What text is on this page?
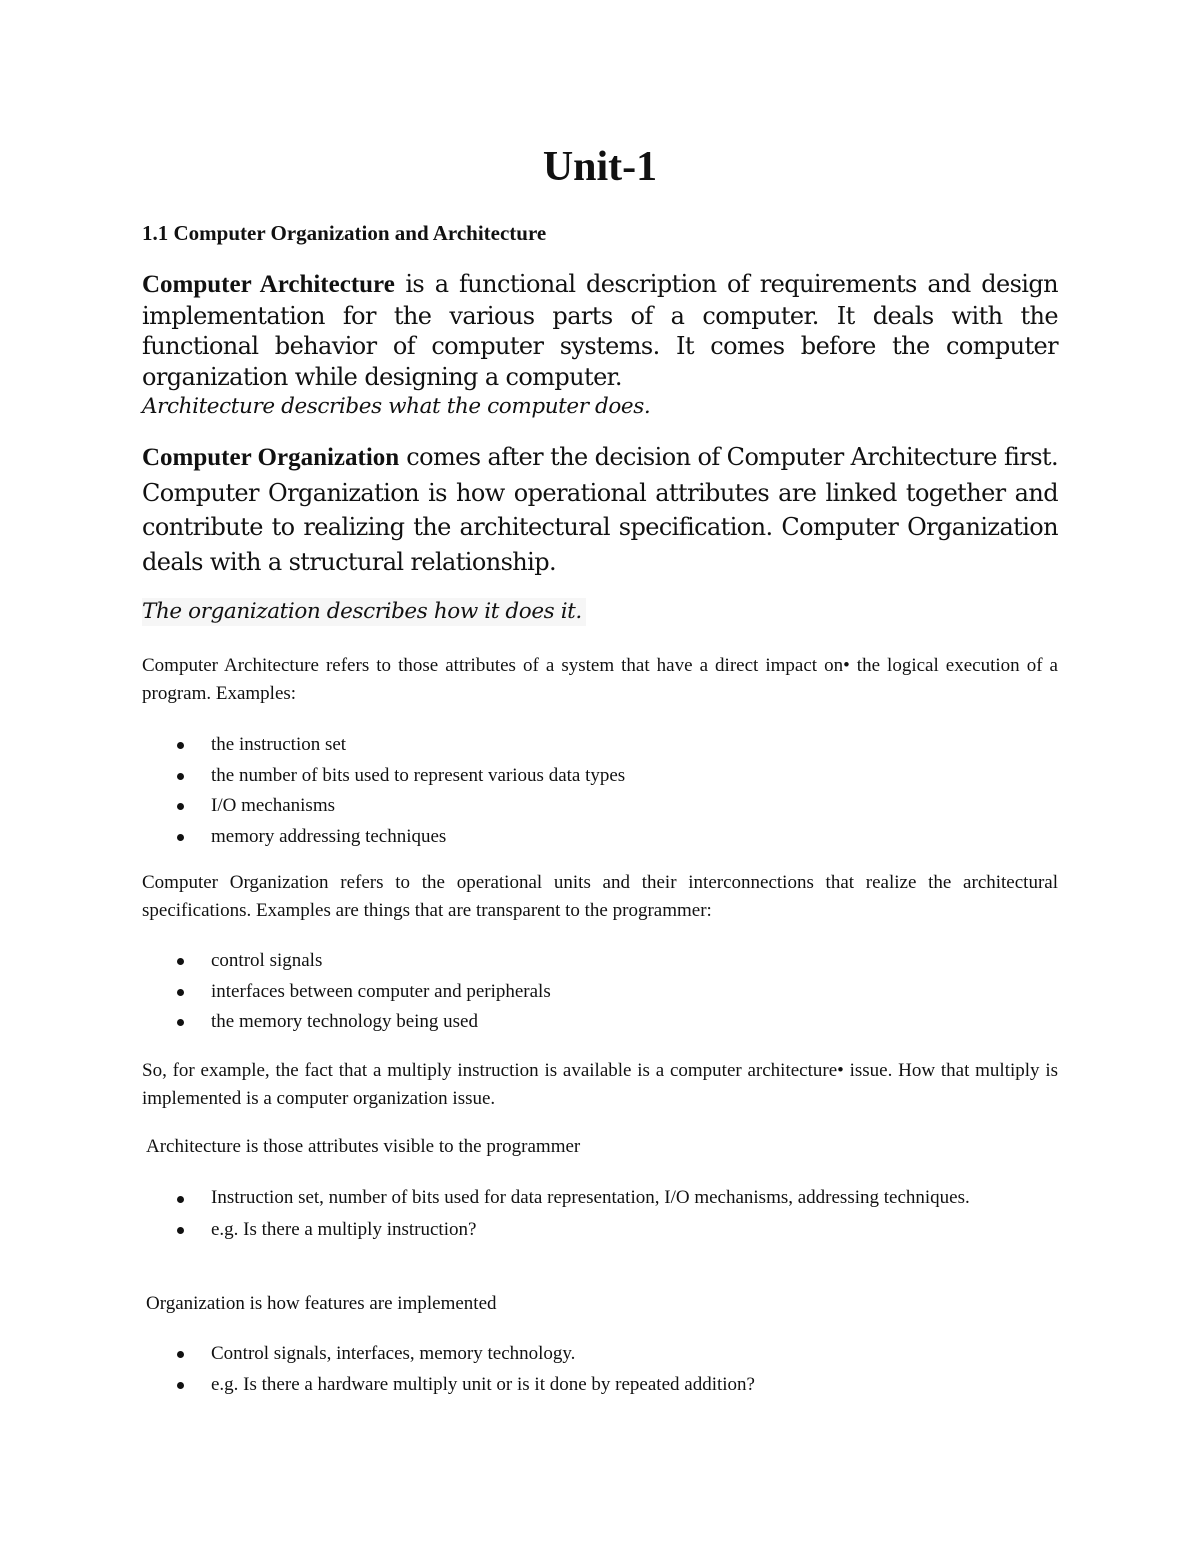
Unit-1
1.1 Computer Organization and Architecture

Computer Architecture is a functional description of requirements and design implementation for the various parts of a computer. It deals with the functional behavior of computer systems. It comes before the computer organization while designing a computer.

Architecture describes what the computer does.

Computer Organization comes after the decision of Computer Architecture first. Computer Organization is how operational attributes are linked together and contribute to realizing the architectural specification. Computer Organization deals with a structural relationship.

The organization describes how it does it.

Computer Architecture refers to those attributes of a system that have a direct impact on• the logical execution of a program. Examples:

the instruction set
the number of bits used to represent various data types
I/O mechanisms
memory addressing techniques

Computer Organization refers to the operational units and their interconnections that realize the architectural specifications. Examples are things that are transparent to the programmer:

control signals
interfaces between computer and peripherals
the memory technology being used

So, for example, the fact that a multiply instruction is available is a computer architecture• issue. How that multiply is implemented is a computer organization issue.

Architecture is those attributes visible to the programmer

Instruction set, number of bits used for data representation, I/O mechanisms, addressing techniques.
e.g. Is there a multiply instruction?

Organization is how features are implemented

Control signals, interfaces, memory technology.
e.g. Is there a hardware multiply unit or is it done by repeated addition?
